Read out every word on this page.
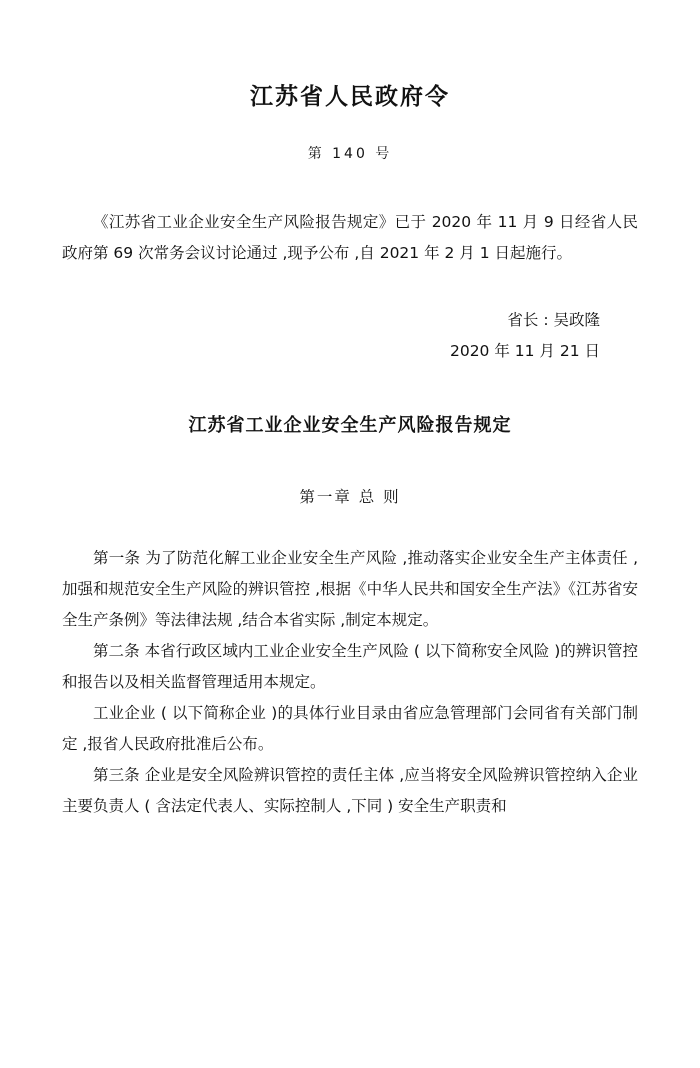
江苏省人民政府令
第 140 号
《江苏省工业企业安全生产风险报告规定》已于 2020 年 11 月 9 日经省人民政府第 69 次常务会议讨论通过 ,现予公布 ,自 2021 年 2 月 1 日起施行。
省长 : 吴政隆
2020 年 11 月 21 日
江苏省工业企业安全生产风险报告规定
第一章 总 则

第一条 为了防范化解工业企业安全生产风险 ,推动落实企业安全生产主体责任 ,加强和规范安全生产风险的辨识管控 ,根据《中华人民共和国安全生产法》《江苏省安全生产条例》等法律法规 ,结合本省实际 ,制定本规定。

第二条 本省行政区域内工业企业安全生产风险 ( 以下简称安全风险 )的辨识管控和报告以及相关监督管理适用本规定。

工业企业 ( 以下简称企业 )的具体行业目录由省应急管理部门会同省有关部门制定 ,报省人民政府批准后公布。

第三条 企业是安全风险辨识管控的责任主体 ,应当将安全风险辨识管控纳入企业主要负责人 ( 含法定代表人、实际控制人 ,下同 ) 安全生产职责和
